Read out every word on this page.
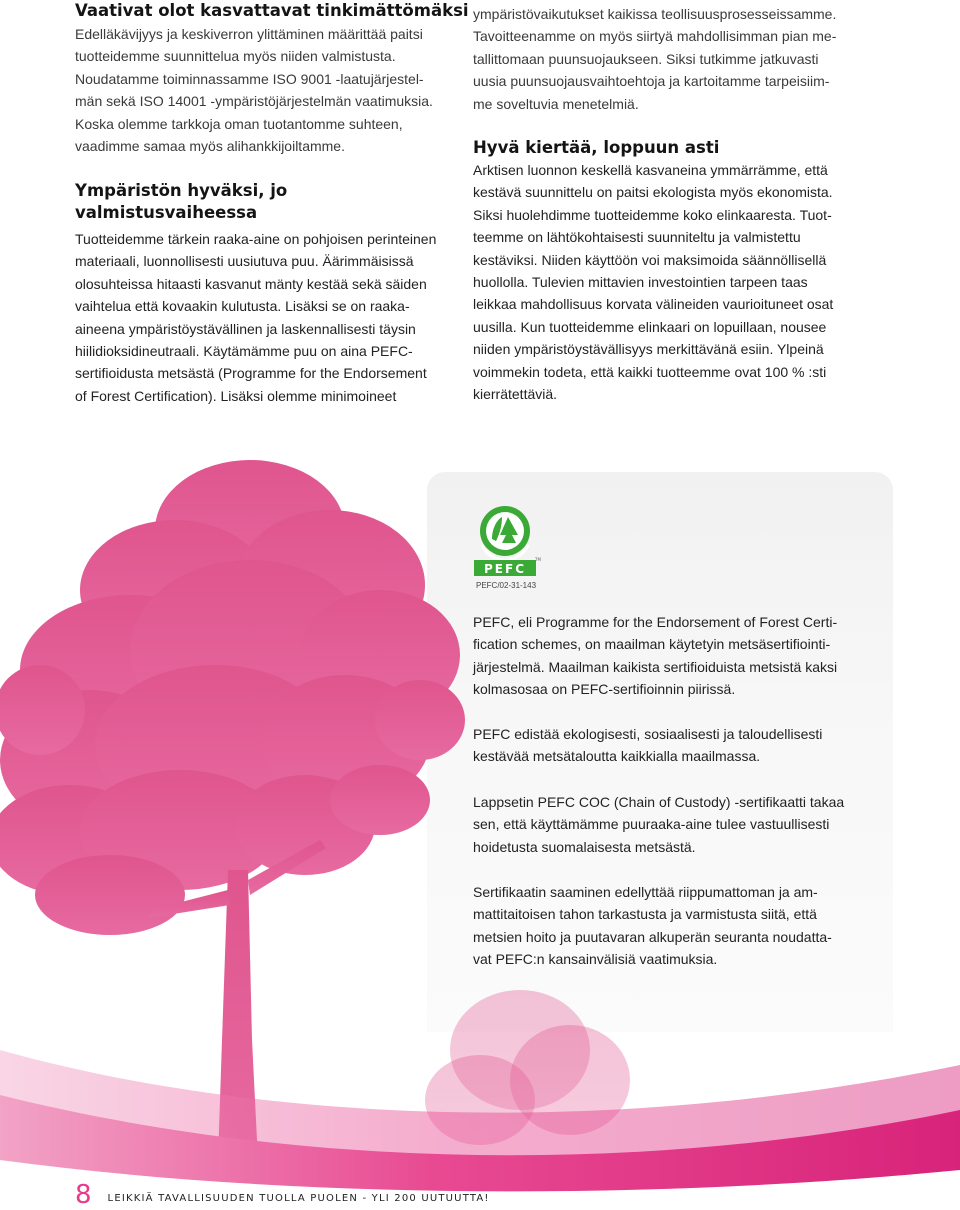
Vaativat olot kasvattavat tinkimättömäksi
Edelläkävijyys ja keskiverron ylittäminen määrittää paitsi
tuotteidemme suunnittelua myös niiden valmistusta.
Noudatamme toiminnassamme ISO 9001 -laatujärjestel-
män sekä ISO 14001 -ympäristöjärjestelmän vaatimuksia.
Koska olemme tarkkoja oman tuotantomme suhteen,
vaadimme samaa myös alihankkijoiltamme.
Ympäristön hyväksi, jo
valmistusvaiheessa
Tuotteidemme tärkein raaka-aine on pohjoisen perinteinen
materiaali, luonnollisesti uusiutuva puu. Äärimmäisissä
olosuhteissa hitaasti kasvanut mänty kestää sekä säiden
vaihtelua että kovaakin kulutusta. Lisäksi se on raaka-
aineena ympäristöystävällinen ja laskennallisesti täysin
hiilidioksidineutraali. Käytämämme puu on aina PEFC-
sertifioidusta metsästä (Programme for the Endorsement
of Forest Certification). Lisäksi olemme minimoineet
ympäristövaikutukset kaikissa teollisuusprosesseissamme.
Tavoitteenamme on myös siirtyä mahdollisimman pian me-
tallittomaan puunsuojaukseen. Siksi tutkimme jatkuvasti
uusia puunsuojausvaihtoehtoja ja kartoitamme tarpeisiim-
me soveltuvia menetelmiä.
Hyvä kiertää, loppuun asti
Arktisen luonnon keskellä kasvaneina ymmärrämme, että
kestävä suunnittelu on paitsi ekologista myös ekonomista.
Siksi huolehdimme tuotteidemme koko elinkaaresta. Tuot-
teemme on lähtökohtaisesti suunniteltu ja valmistettu
kestäviksi. Niiden käyttöön voi maksimoida säännöllisellä
huollolla. Tulevien mittavien investointien tarpeen taas
leikkaa mahdollisuus korvata välineiden vaurioituneet osat
uusilla. Kun tuotteidemme elinkaari on lopuillaan, nousee
niiden ympäristöystävällisyys merkittävänä esiin. Ylpeinä
voimmekin todeta, että kaikki tuotteemme ovat 100 % :sti
kierrätettäviä.
PEFC
TM
PEFC/02-31-143
PEFC, eli Programme for the Endorsement of Forest Certi-
fication schemes, on maailman käytetyin metsäsertifiointi-
järjestelmä. Maailman kaikista sertifioiduista metsistä kaksi
kolmasosaa on PEFC-sertifioinnin piirissä.
PEFC edistää ekologisesti, sosiaalisesti ja taloudellisesti
kestävää metsätaloutta kaikkialla maailmassa.
Lappsetin PEFC COC (Chain of Custody) -sertifikaatti takaa
sen, että käyttämämme puuraaka-aine tulee vastuullisesti
hoidetusta suomalaisesta metsästä.
Sertifikaatin saaminen edellyttää riippumattoman ja am-
mattitaitoisen tahon tarkastusta ja varmistusta siitä, että
metsien hoito ja puutavaran alkuperän seuranta noudatta-
vat PEFC:n kansainvälisiä vaatimuksia.
8 LEIKKIÄ TAVALLISUUDEN TUOLLA PUOLEN - YLI 200 UUTUUTTA!
